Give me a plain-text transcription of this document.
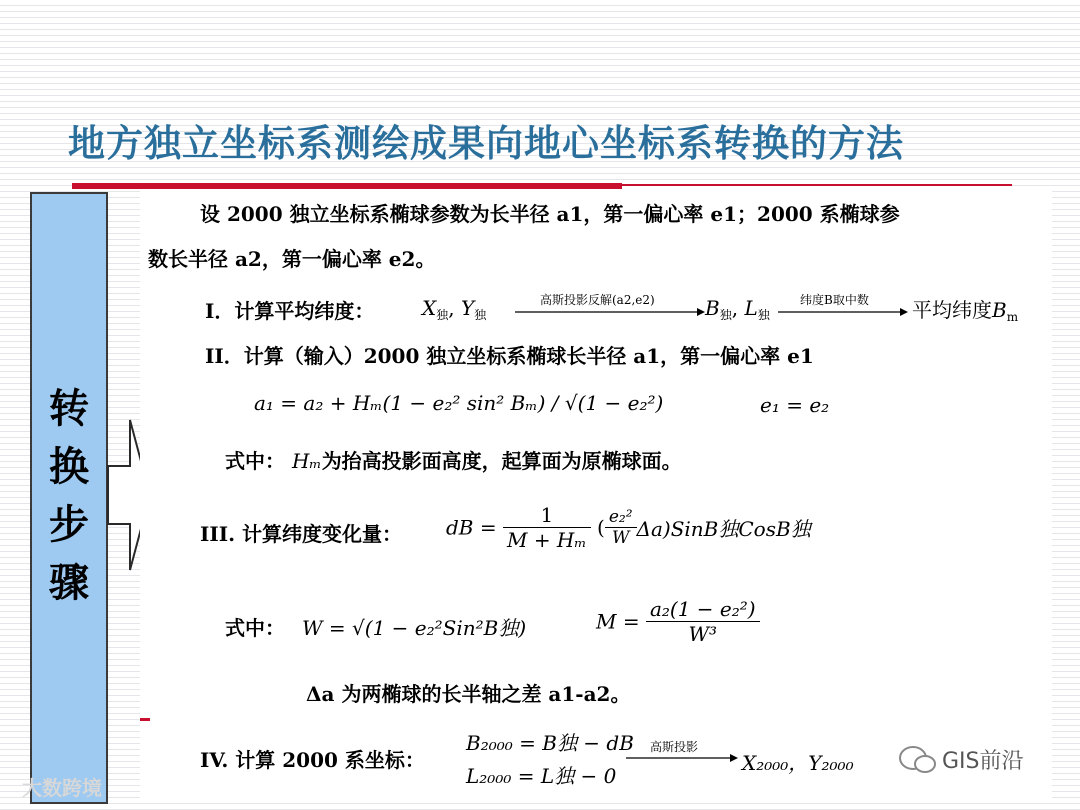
地方独立坐标系测绘成果向地心坐标系转换的方法
转
换
步
骤
设 2000 独立坐标系椭球参数为长半径 a1，第一偏心率 e1；2000 系椭球参
数长半径 a2，第一偏心率 e2。
I．计算平均纬度： $X_独$, $Y_独$
高斯投影反解(a2,e2)	$B_独$, $L_独$
纬度B取中数 平均纬度$B_m$
II．计算（输入）2000 独立坐标系椭球长半径 a1，第一偏心率 e1
a₁ = a₂ + Hₘ(1 − e₂² sin² Bₘ) / √(1 − e₂²)	e₁ = e₂
式中： Hₘ为抬高投影面高度，起算面为原椭球面。
III. 计算纬度变化量： dB = $\frac{1}{\text{M + Hₘ}}$ ( $\frac{\text{e₂²}}{W}$ Δa)SinB独CosB独
式中： W = √(1 − e₂²Sin²B独)	$M = \frac{\text{a₂(1 − e₂²)}}{\text{W³}}$
Δa 为两椭球的长半轴之差 a1-a2。
IV. 计算 2000 系坐标：
B₂₀₀₀ = B独 − dB
L₂₀₀₀ = L独 − 0
高斯投影
X₂₀₀₀，Y₂₀₀₀	GIS前沿
大数跨境
